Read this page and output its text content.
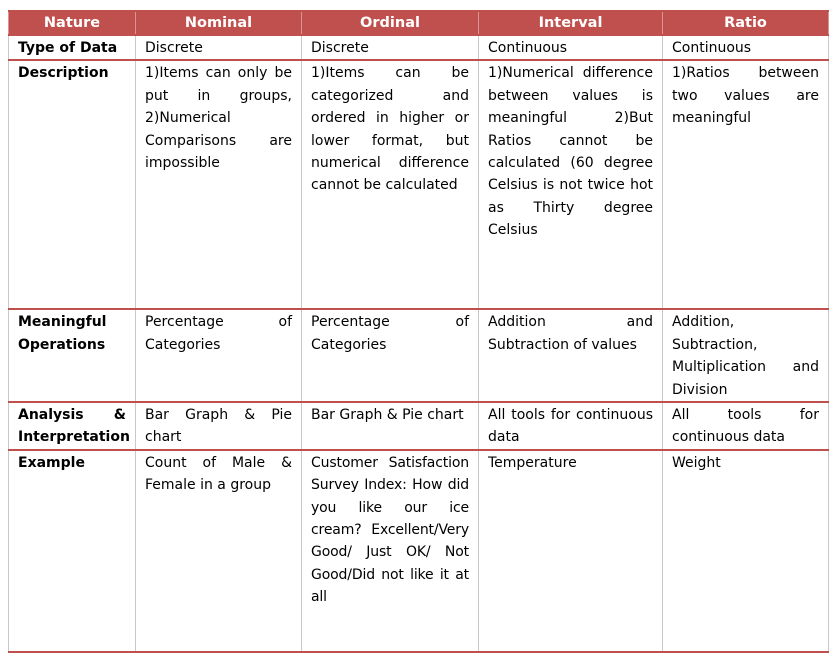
Nature	Nominal	Ordinal	Interval	Ratio
Type of Data	Discrete	Discrete	Continuous	Continuous
Description	1)Items can only be put in groups, 2)Numerical Comparisons are impossible	1)Items can be categorized and ordered in higher or lower format, but numerical difference cannot be calculated	1)Numerical difference between values is meaningful 2)But Ratios cannot be calculated (60 degree Celsius is not twice hot as Thirty degree Celsius	1)Ratios between two values are meaningful
Meaningful Operations	Percentage of Categories	Percentage of Categories	Addition and Subtraction of values	Addition, Subtraction, Multiplication and Division
Analysis & Interpretation	Bar Graph & Pie chart	Bar Graph & Pie chart	All tools for continuous data	All tools for continuous data
Example	Count of Male & Female in a group	Customer Satisfaction Survey Index: How did you like our ice cream? Excellent/Very Good/ Just OK/ Not Good/Did not like it at all	Temperature	Weight
